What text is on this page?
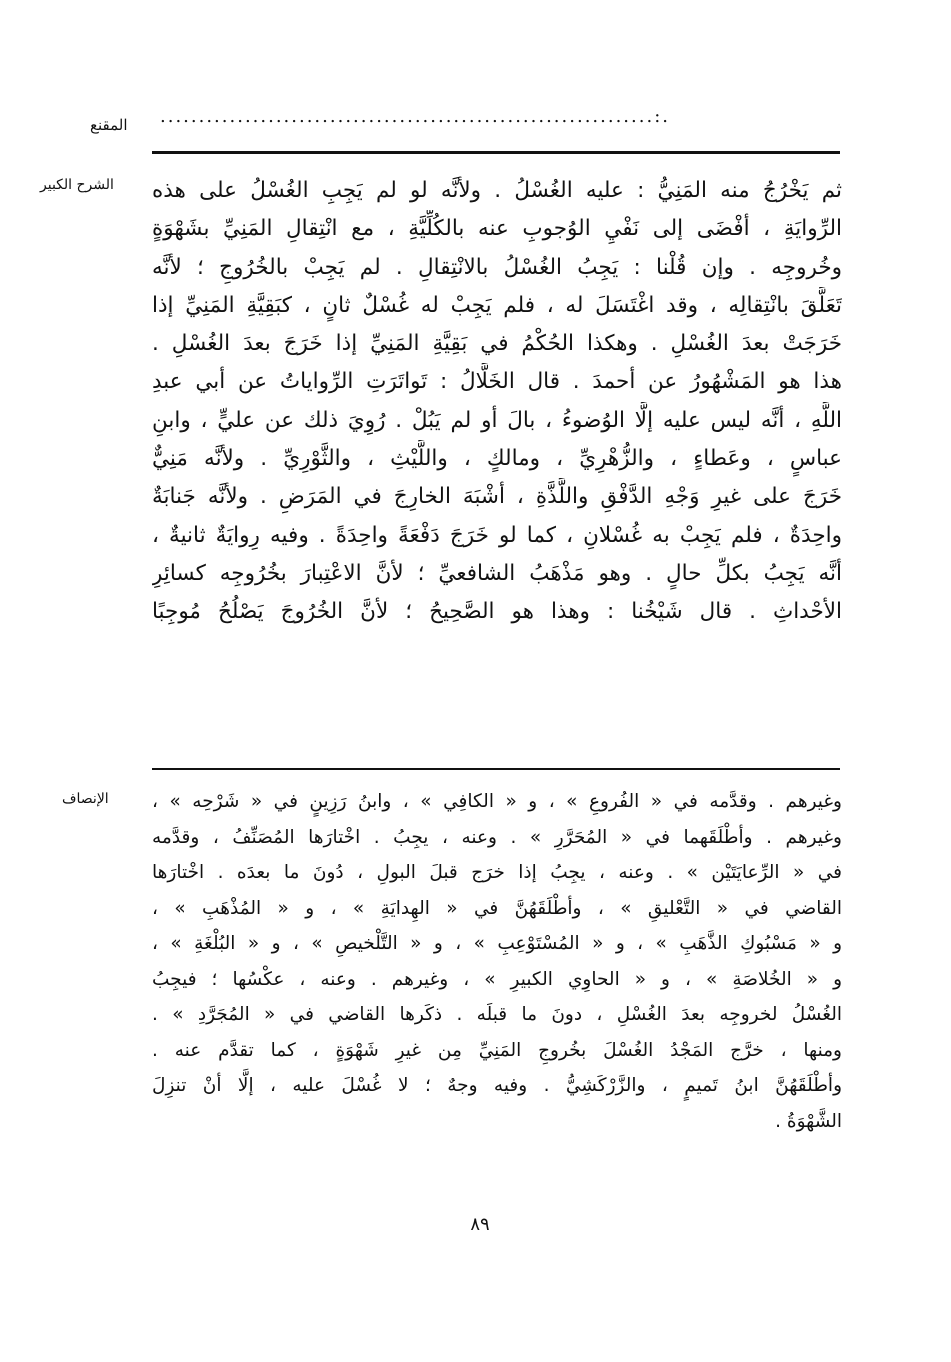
المقنع ................................................................:.
الشرح الكبير ثم يَخْرُجُ منه المَنِيُّ : عليه الغُسْلُ . ولأنَّه لو لم يَجِبِ الغُسْلُ على هذه
الرِّوايَةِ ، أفْضَى إلى نَفْيِ الوُجوبِ عنه بالكُلِّيَّةِ ، مع انْتِقالِ المَنِيِّ بشَهْوَةٍ
وخُروجِه . وإن قُلْنا : يَجِبُ الغُسْلُ بالانْتِقالِ . لم يَجِبْ بالخُرُوجِ ؛ لأنَّه
تَعَلَّقَ بانْتِقالِه ، وقد اغْتَسَلَ له ، فلم يَجِبْ له غُسْلٌ ثانٍ ، كبَقِيَّةِ المَنِيِّ إذا
خَرَجَتْ بعدَ الغُسْلِ . وهكذا الحُكْمُ في بَقِيَّةِ المَنِيِّ إذا خَرَجَ بعدَ الغُسْلِ .
هذا هو المَشْهُورُ عن أحمدَ . قال الخَلَّالُ : تَواتَرَتِ الرِّواياتُ عن أبي عبدِ
اللَّهِ ، أنَّه ليس عليه إلَّا الوُضوءُ ، بالَ أو لم يَبُلْ . رُوِيَ ذلك عن عليٍّ ، وابنِ
عباسٍ ، وعَطاءٍ ، والزُّهْرِيِّ ، ومالكٍ ، واللَّيْثِ ، والثَّوْرِيِّ . ولأنَّه مَنِيٌّ
خَرَجَ على غيرِ وَجْهِ الدَّفْقِ واللَّذَّةِ ، أشْبَهَ الخارِجَ في المَرَضِ . ولأنَّه جَنابَةٌ
واحِدَةٌ ، فلم يَجِبْ به غُسْلانِ ، كما لو خَرَجَ دَفْعَةً واحِدَةً . وفيه رِوايَةٌ ثانيةٌ ،
أنَّه يَجِبُ بكلِّ حالٍ . وهو مَذْهَبُ الشافعيِّ ؛ لأنَّ الاعْتِبارَ بخُرُوجِه كسائِرِ
الأحْداثِ . قال شَيْخُنا : وهذا هو الصَّحِيحُ ؛ لأنَّ الخُرُوجَ يَصْلُحُ مُوجِبًا
الإنصاف وغيرهم . وقدَّمه في « الفُروعِ » ، و « الكافِي » ، وابنُ رَزِينٍ في « شَرْحِه » ،
وغيرهم . وأطْلَقَهما في « المُحَرَّرِ » . وعنه ، يجِبُ . اخْتارَها المُصَنِّفُ ، وقدَّمه
في « الرِّعايَتَيْن » . وعنه ، يجِبُ إذا خرَج قبلَ البولِ ، دُونَ ما بعدَه . اخْتارَها
القاضي في « التَّعْليقِ » ، وأطْلَقَهُنَّ في « الهِدايَةِ » ، و « المُذْهَبِ » ،
و « مَسْبُوكِ الذَّهَبِ » ، و « المُسْتَوْعِبِ » ، و « التَّلْخيصِ » ، و « البُلْغَةِ » ،
و « الخُلاصَةِ » ، و « الحاوِي الكبيرِ » ، وغيرهم . وعنه ، عكْسُها ؛ فيجِبُ
الغُسْلُ لخروجِه بعدَ الغُسْلِ ، دونَ ما قبلَه . ذكَرها القاضي في « المُجَرَّدِ » .
ومنها ، خرَّج المَجْدُ الغُسْلَ بخُروجِ المَنِيِّ مِن غيرِ شَهْوَةٍ ، كما تقدَّم عنه .
وأطْلَقَهُنَّ ابنُ تَميمٍ ، والزَّرْكَشِيُّ . وفيه وجهٌ ؛ لا غُسْلَ عليه ، إلَّا أنْ تنزِلَ
الشَّهْوَةُ .
٨٩
